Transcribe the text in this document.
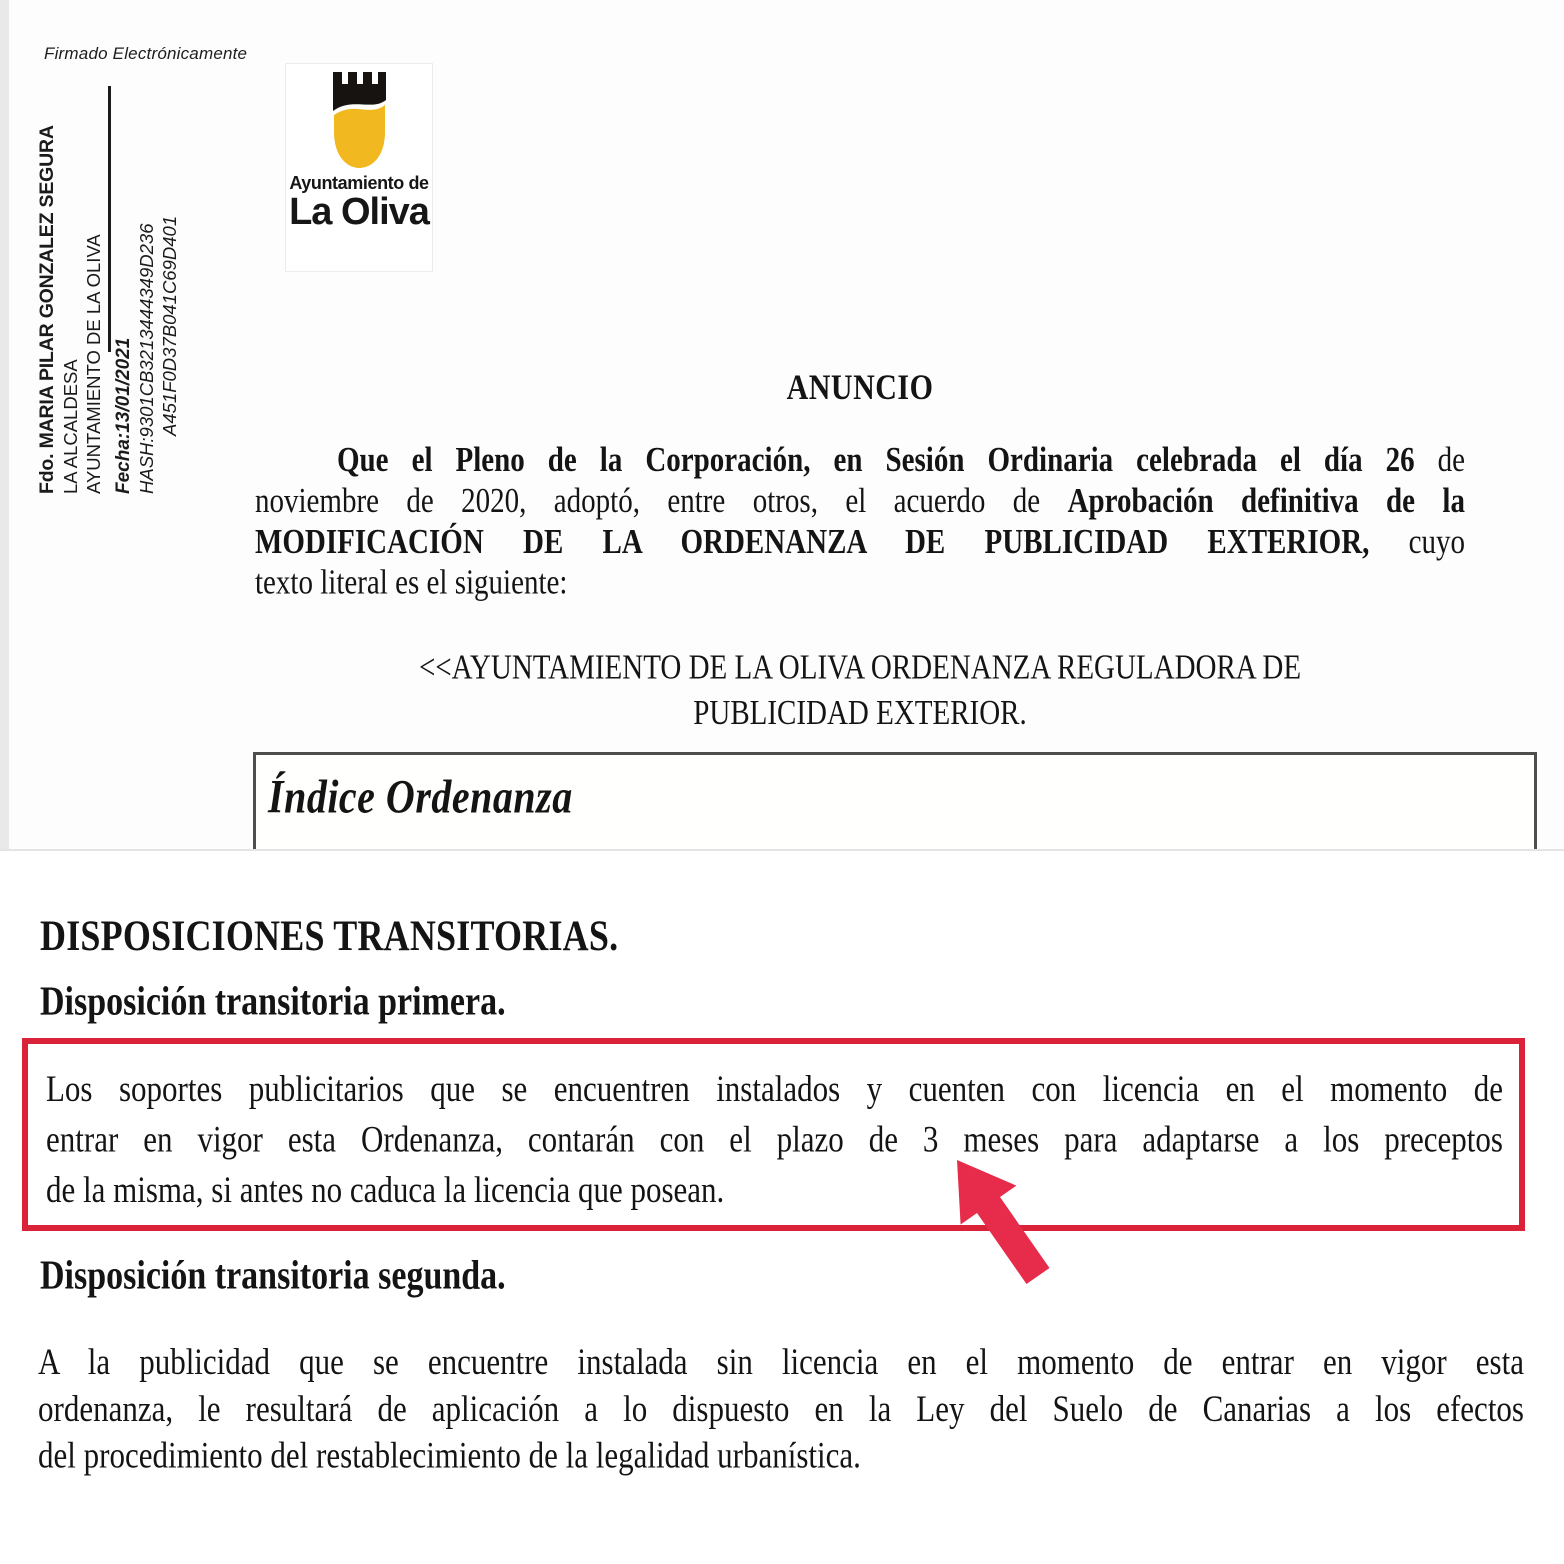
Firmado Electrónicamente
Fdo. MARIA PILAR GONZALEZ SEGURA LA ALCALDESA AYUNTAMIENTO DE LA OLIVA Fecha:13/01/2021 HASH:9301CB3213444349D236 A451F0D37B041C69D401
Ayuntamiento de
La Oliva
ANUNCIO
Que el Pleno de la Corporación, en Sesión Ordinaria celebrada el día 26 de
noviembre de 2020, adoptó, entre otros, el acuerdo de Aprobación definitiva de la
MODIFICACIÓN DE LA ORDENANZA DE PUBLICIDAD EXTERIOR, cuyo
texto literal es el siguiente:
<<AYUNTAMIENTO DE LA OLIVA ORDENANZA REGULADORA DE
PUBLICIDAD EXTERIOR.
Índice Ordenanza
DISPOSICIONES TRANSITORIAS.
Disposición transitoria primera.
Los soportes publicitarios que se encuentren instalados y cuenten con licencia en el momento de
entrar en vigor esta Ordenanza, contarán con el plazo de 3 meses para adaptarse a los preceptos
de la misma, si antes no caduca la licencia que posean.
Disposición transitoria segunda.
A la publicidad que se encuentre instalada sin licencia en el momento de entrar en vigor esta
ordenanza, le resultará de aplicación a lo dispuesto en la Ley del Suelo de Canarias a los efectos
del procedimiento del restablecimiento de la legalidad urbanística.
